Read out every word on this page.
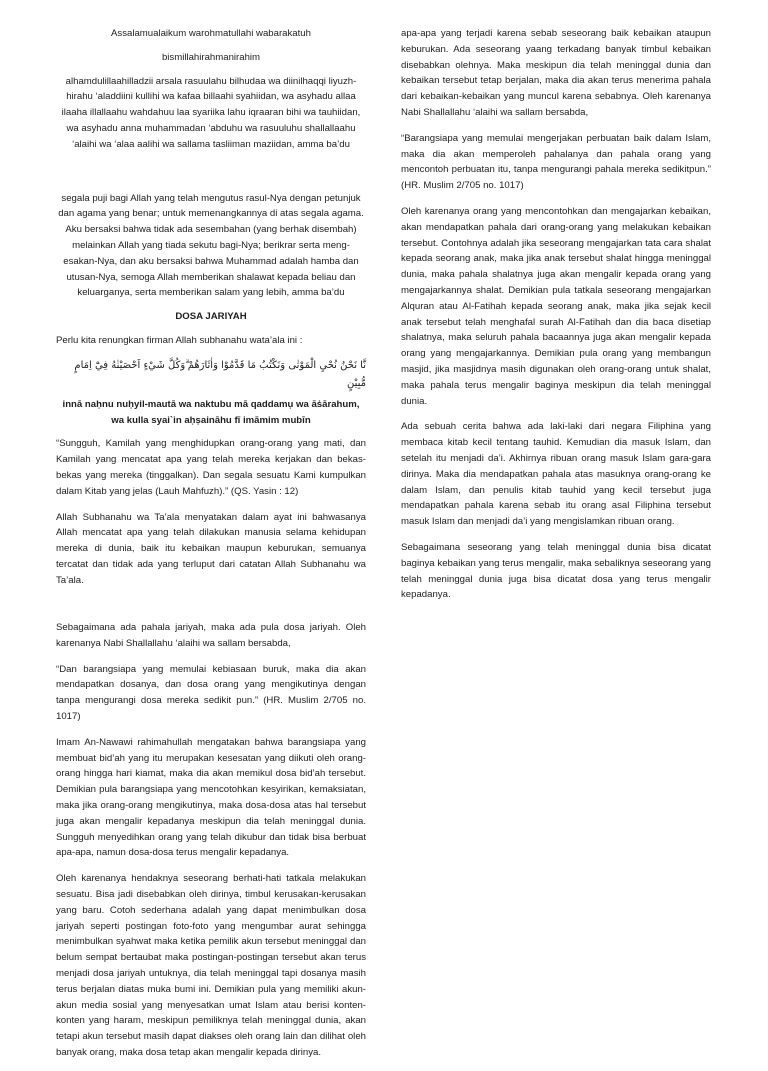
Assalamualaikum warohmatullahi wabarakatuh

bismillahirahmanirahim

alhamdulillaahilladzii arsala rasuulahu bilhudaa wa diinilhaqqi liyuzh-hirahu ‘aladdiini kullihi wa kafaa billaahi syahiidan, wa asyhadu allaa ilaaha illallaahu wahdahuu laa syariika lahu iqraaran bihi wa tauhiidan, wa asyhadu anna muhammadan ‘abduhu wa rasuuluhu shallallaahu ‘alaihi wa ‘alaa aalihi wa sallama tasliiman maziidan, amma ba’du

segala puji bagi Allah yang telah mengutus rasul-Nya dengan petunjuk dan agama yang benar; untuk memenangkannya di atas segala agama. Aku bersaksi bahwa tidak ada sesembahan (yang berhak disembah) melainkan Allah yang tiada sekutu bagi-Nya; berikrar serta meng-esakan-Nya, dan aku bersaksi bahwa Muhammad adalah hamba dan utusan-Nya, semoga Allah memberikan shalawat kepada beliau dan keluarganya, serta memberikan salam yang lebih, amma ba’du

DOSA JARIYAH

Perlu kita renungkan firman Allah subhanahu wata’ala ini :

نَّا نَحْنُ نُحْيِ الْمَوْتٰى وَنَكْتُبُ مَا قَدَّمُوْا وَاٰثَارَهُمْ ۗوَكُلَّ شَيْءٍ اَحْصَيْنٰهُ فِيْٓ اِمَامٍ مُّبِيْنٍ

innā naḥnu nuḥyil-mautā wa naktubu mā qaddamụ wa āṡārahum, wa kulla syai`in aḥṣaināhu fī imāmim mubīn

“Sungguh, Kamilah yang menghidupkan orang-orang yang mati, dan Kamilah yang mencatat apa yang telah mereka kerjakan dan bekas-bekas yang mereka (tinggalkan). Dan segala sesuatu Kami kumpulkan dalam Kitab yang jelas (Lauh Mahfuzh).” (QS. Yasin : 12)

Allah Subhanahu wa Ta’ala menyatakan dalam ayat ini bahwasanya Allah mencatat apa yang telah dilakukan manusia selama kehidupan mereka di dunia, baik itu kebaikan maupun keburukan, semuanya tercatat dan tidak ada yang terluput dari catatan Allah Subhanahu wa Ta’ala.

Sebagaimana ada pahala jariyah, maka ada pula dosa jariyah. Oleh karenanya Nabi Shallallahu ‘alaihi wa sallam bersabda,

“Dan barangsiapa yang memulai kebiasaan buruk, maka dia akan mendapatkan dosanya, dan dosa orang yang mengikutinya dengan tanpa mengurangi dosa mereka sedikit pun.” (HR. Muslim 2/705 no. 1017)

Imam An-Nawawi rahimahullah mengatakan bahwa barangsiapa yang membuat bid’ah yang itu merupakan kesesatan yang diikuti oleh orang-orang hingga hari kiamat, maka dia akan memikul dosa bid’ah tersebut. Demikian pula barangsiapa yang mencotohkan kesyirikan, kemaksiatan, maka jika orang-orang mengikutinya, maka dosa-dosa atas hal tersebut juga akan mengalir kepadanya meskipun dia telah meninggal dunia. Sungguh menyedihkan orang yang telah dikubur dan tidak bisa berbuat apa-apa, namun dosa-dosa terus mengalir kepadanya.

Oleh karenanya hendaknya seseorang berhati-hati tatkala melakukan sesuatu. Bisa jadi disebabkan oleh dirinya, timbul kerusakan-kerusakan yang baru. Cotoh sederhana adalah yang dapat menimbulkan dosa jariyah seperti postingan foto-foto yang mengumbar aurat sehingga menimbulkan syahwat maka ketika pemilik akun tersebut meninggal dan belum sempat bertaubat maka postingan-postingan tersebut akan terus menjadi dosa jariyah untuknya, dia telah meninggal tapi dosanya masih terus berjalan diatas muka bumi ini. Demikian pula yang memiliki akun-akun media sosial yang menyesatkan umat Islam atau berisi konten-konten yang haram, meskipun pemiliknya telah meninggal dunia, akan tetapi akun tersebut masih dapat diakses oleh orang lain dan dilihat oleh banyak orang, maka dosa tetap akan mengalir kepada dirinya.

apa-apa yang terjadi karena sebab seseorang baik kebaikan ataupun keburukan. Ada seseorang yaang terkadang banyak timbul kebaikan disebabkan olehnya. Maka meskipun dia telah meninggal dunia dan kebaikan tersebut tetap berjalan, maka dia akan terus menerima pahala dari kebaikan-kebaikan yang muncul karena sebabnya. Oleh karenanya Nabi Shallallahu ‘alaihi wa sallam bersabda,

“Barangsiapa yang memulai mengerjakan perbuatan baik dalam Islam, maka dia akan memperoleh pahalanya dan pahala orang yang mencontoh perbuatan itu, tanpa mengurangi pahala mereka sedikitpun.” (HR. Muslim 2/705 no. 1017)

Oleh karenanya orang yang mencontohkan dan mengajarkan kebaikan, akan mendapatkan pahala dari orang-orang yang melakukan kebaikan tersebut. Contohnya adalah jika seseorang mengajarkan tata cara shalat kepada seorang anak, maka jika anak tersebut shalat hingga meninggal dunia, maka pahala shalatnya juga akan mengalir kepada orang yang mengajarkannya shalat. Demikian pula tatkala seseorang mengajarkan Alquran atau Al-Fatihah kepada seorang anak, maka jika sejak kecil anak tersebut telah menghafal surah Al-Fatihah dan dia baca disetiap shalatnya, maka seluruh pahala bacaannya juga akan mengalir kepada orang yang mengajarkannya. Demikian pula orang yang membangun masjid, jika masjidnya masih digunakan oleh orang-orang untuk shalat, maka pahala terus mengalir baginya meskipun dia telah meninggal dunia.

Ada sebuah cerita bahwa ada laki-laki dari negara Filiphina yang membaca kitab kecil tentang tauhid. Kemudian dia masuk Islam, dan setelah itu menjadi da’i. Akhirnya ribuan orang masuk Islam gara-gara dirinya. Maka dia mendapatkan pahala atas masuknya orang-orang ke dalam Islam, dan penulis kitab tauhid yang kecil tersebut juga mendapatkan pahala karena sebab itu orang asal Filiphina tersebut masuk Islam dan menjadi da’i yang mengislamkan ribuan orang.

Sebagaimana seseorang yang telah meninggal dunia bisa dicatat baginya kebaikan yang terus mengalir, maka sebaliknya seseorang yang telah meninggal dunia juga bisa dicatat dosa yang terus mengalir kepadanya.
